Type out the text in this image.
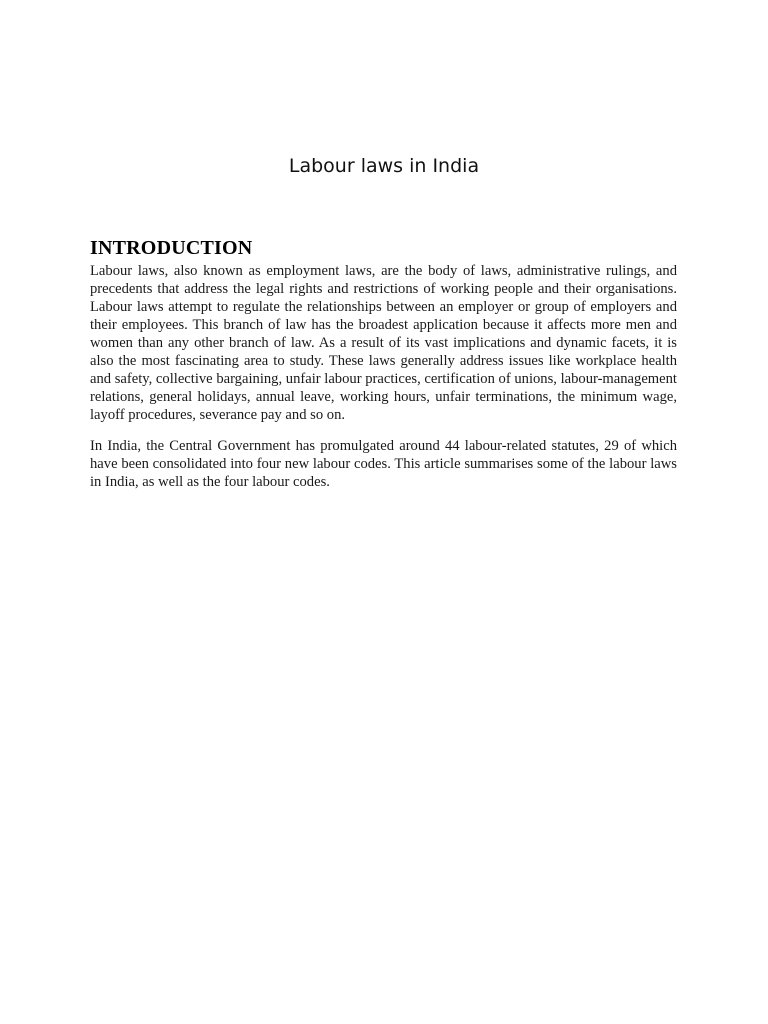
Labour laws in India
INTRODUCTION

Labour laws, also known as employment laws, are the body of laws, administrative rulings, and precedents that address the legal rights and restrictions of working people and their organisations. Labour laws attempt to regulate the relationships between an employer or group of employers and their employees. This branch of law has the broadest application because it affects more men and women than any other branch of law. As a result of its vast implications and dynamic facets, it is also the most fascinating area to study. These laws generally address issues like workplace health and safety, collective bargaining, unfair labour practices, certification of unions, labour-management relations, general holidays, annual leave, working hours, unfair terminations, the minimum wage, layoff procedures, severance pay and so on.

In India, the Central Government has promulgated around 44 labour-related statutes, 29 of which have been consolidated into four new labour codes. This article summarises some of the labour laws in India, as well as the four labour codes.
